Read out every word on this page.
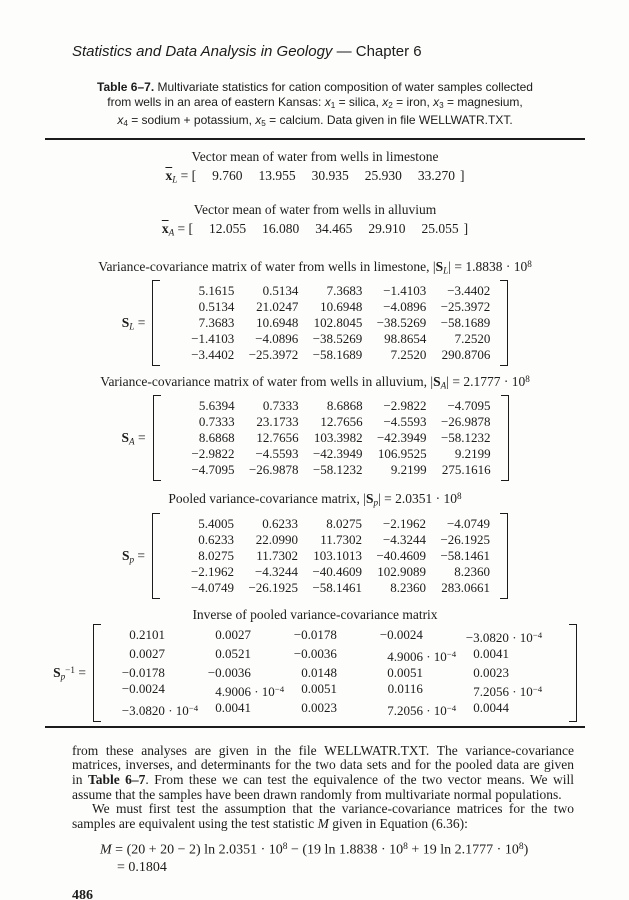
Statistics and Data Analysis in Geology — Chapter 6
Table 6–7. Multivariate statistics for cation composition of water samples collected
from wells in an area of eastern Kansas: x1 = silica, x2 = iron, x3 = magnesium,
x4 = sodium + potassium, x5 = calcium. Data given in file WELLWATR.TXT.
Vector mean of water from wells in limestone
$\overline{x}L$ = [ 9.760 13.955 30.935 25.930 33.270 ]
Vector mean of water from wells in alluvium
$\overline{x}A$ = [ 12.055 16.080 34.465 29.910 25.055 ]
Variance-covariance matrix of water from wells in limestone, $|SL| = 1.8838 \cdot 10^8$
SL =
5.1615	0.5134	7.3683	−1.4103	−3.4402
0.5134	21.0247	10.6948	−4.0896	−25.3972
7.3683	10.6948	102.8045	−38.5269	−58.1689
−1.4103	−4.0896	−38.5269	98.8654	7.2520
−3.4402	−25.3972	−58.1689	7.2520	290.8706
Variance-covariance matrix of water from wells in alluvium, $|SA| = 2.1777 \cdot 10^8$
SA =
5.6394	0.7333	8.6868	−2.9822	−4.7095
0.7333	23.1733	12.7656	−4.5593	−26.9878
8.6868	12.7656	103.3982	−42.3949	−58.1232
−2.9822	−4.5593	−42.3949	106.9525	9.2199
−4.7095	−26.9878	−58.1232	9.2199	275.1616
Pooled variance-covariance matrix, $|Sp| = 2.0351 \cdot 10^8$
Sp =
5.4005	0.6233	8.0275	−2.1962	−4.0749
0.6233	22.0990	11.7302	−4.3244	−26.1925
8.0275	11.7302	103.1013	−40.4609	−58.1461
−2.1962	−4.3244	−40.4609	102.9089	8.2360
−4.0749	−26.1925	−58.1461	8.2360	283.0661
Inverse of pooled variance-covariance matrix
$Sp^{-1}$ =
0.2101	0.0027	−0.0178	−0.0024	$-3.0820 \cdot 10^{-4}$
0.0027	0.0521	−0.0036	$4.9006 \cdot 10^{-4}$	0.0041
−0.0178	−0.0036	0.0148	0.0051	0.0023
−0.0024	$4.9006 \cdot 10^{-4}$	0.0051	0.0116	$7.2056 \cdot 10^{-4}$
$-3.0820 \cdot 10^{-4}$	0.0041	0.0023	$7.2056 \cdot 10^{-4}$	0.0044

from these analyses are given in the file WELLWATR.TXT. The variance-covariance matrices, inverses, and determinants for the two data sets and for the pooled data are given in Table 6–7. From these we can test the equivalence of the two vector means. We will assume that the samples have been drawn randomly from multivariate normal populations.

We must first test the assumption that the variance-covariance matrices for the two samples are equivalent using the test statistic M given in Equation (6.36):

M = (20 + 20 − 2) $\ln 2.0351 \cdot 10^8 - (19$ $\ln 1.8838 \cdot 10^8 + 19$ $\ln 2.1777 \cdot 10^8$)
= 0.1804
486
